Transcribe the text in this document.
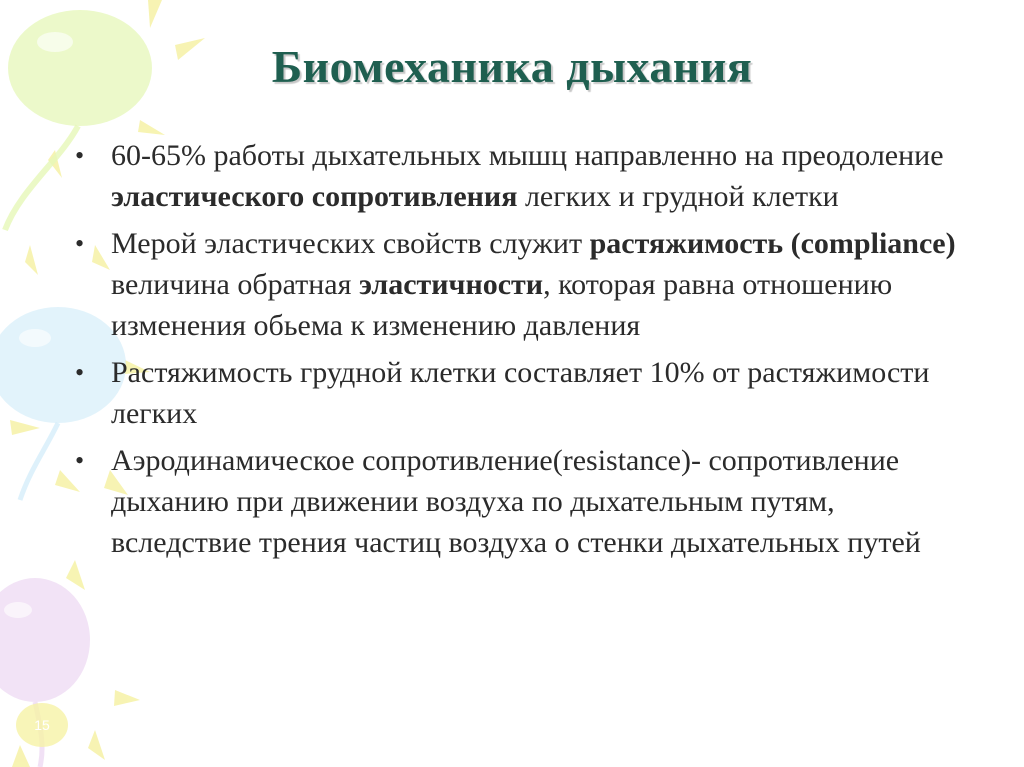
Биомеханика дыхания
• 60-65% работы дыхательных мышц направленно на преодоление эластического сопротивления легких и грудной клетки
• Мерой эластических свойств служит растяжимость (compliance) величина обратная эластичности, которая равна отношению изменения обьема к изменению давления
• Растяжимость грудной клетки составляет 10% от растяжимости легких
• Аэродинамическое сопротивление(resistance)- сопротивление дыханию при движении воздуха по дыхательным путям, вследствие трения частиц воздуха о стенки дыхательных путей
15
